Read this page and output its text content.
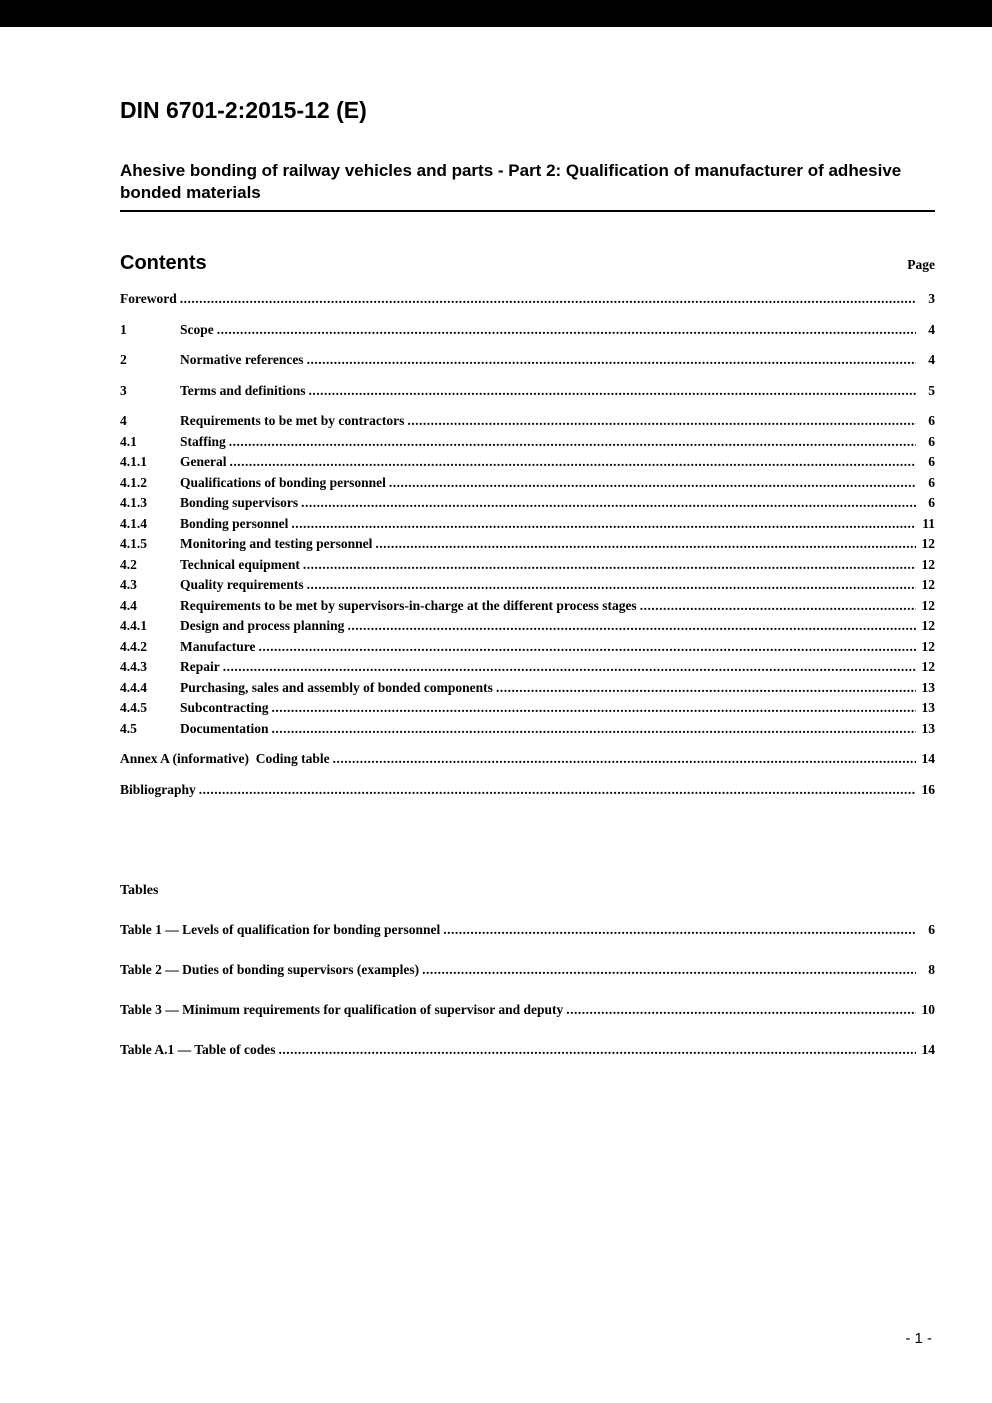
DIN 6701-2:2015-12 (E)
Ahesive bonding of railway vehicles and parts - Part 2: Qualification of manufacturer of adhesive bonded materials
Contents	Page
Foreword .....	3
1	Scope .....	4
2	Normative references .....	4
3	Terms and definitions .....	5
4	Requirements to be met by contractors .....	6
4.1	Staffing .....	6
4.1.1	General .....	6
4.1.2	Qualifications of bonding personnel .....	6
4.1.3	Bonding supervisors .....	6
4.1.4	Bonding personnel .....	11
4.1.5	Monitoring and testing personnel .....	12
4.2	Technical equipment .....	12
4.3	Quality requirements .....	12
4.4	Requirements to be met by supervisors-in-charge at the different process stages .....	12
4.4.1	Design and process planning .....	12
4.4.2	Manufacture .....	12
4.4.3	Repair .....	12
4.4.4	Purchasing, sales and assembly of bonded components .....	13
4.4.5	Subcontracting .....	13
4.5	Documentation .....	13
Annex A (informative)  Coding table .....	14
Bibliography .....	16
Tables
Table 1 — Levels of qualification for bonding personnel .....	6
Table 2 — Duties of bonding supervisors (examples) .....	8
Table 3 — Minimum requirements for qualification of supervisor and deputy .....	10
Table A.1 — Table of codes .....	14
- 1 -
